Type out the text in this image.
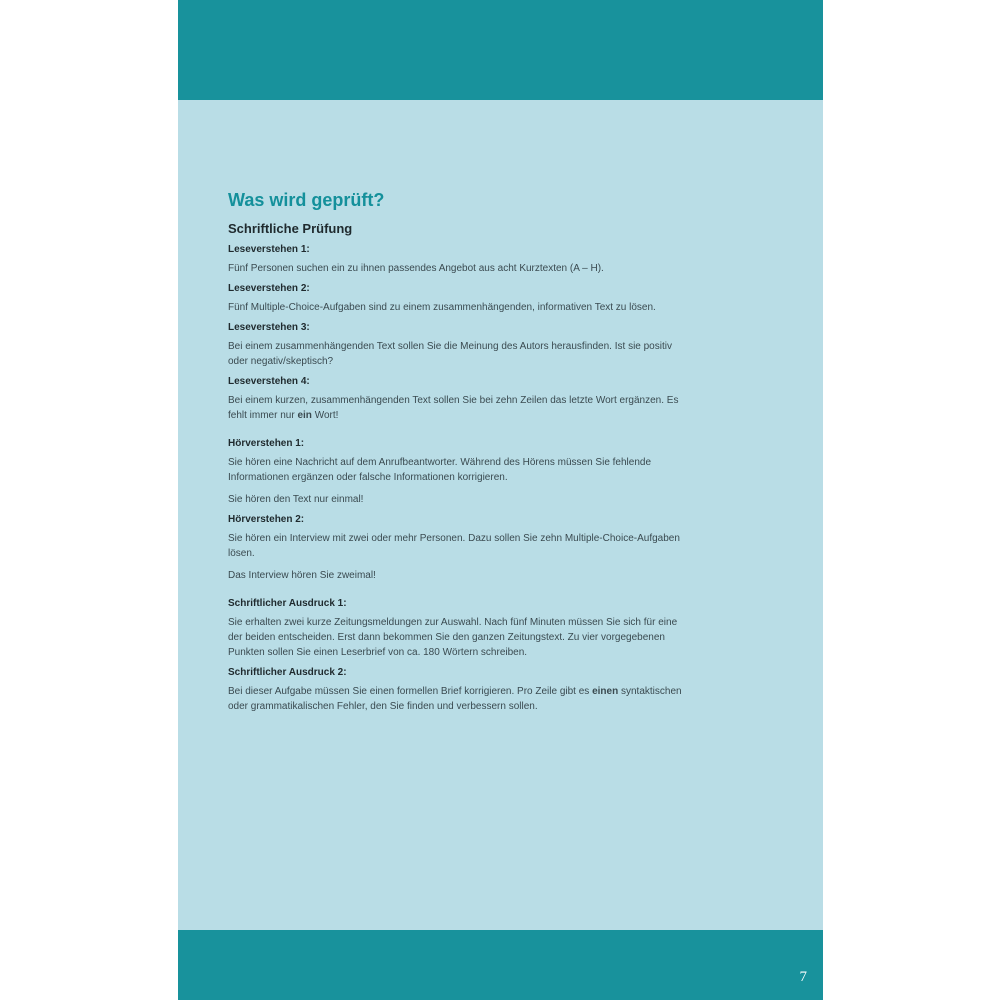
Was wird geprüft?
Schriftliche Prüfung
Leseverstehen 1:

Fünf Personen suchen ein zu ihnen passendes Angebot aus acht Kurztexten (A – H).

Leseverstehen 2:

Fünf Multiple-Choice-Aufgaben sind zu einem zusammenhängenden, informativen Text zu lösen.

Leseverstehen 3:

Bei einem zusammenhängenden Text sollen Sie die Meinung des Autors herausfinden. Ist sie positiv oder negativ/skeptisch?

Leseverstehen 4:

Bei einem kurzen, zusammenhängenden Text sollen Sie bei zehn Zeilen das letzte Wort ergänzen. Es fehlt immer nur ein Wort!

Hörverstehen 1:

Sie hören eine Nachricht auf dem Anrufbeantworter. Während des Hörens müssen Sie fehlende Informationen ergänzen oder falsche Informationen korrigieren.

Sie hören den Text nur einmal!

Hörverstehen 2:

Sie hören ein Interview mit zwei oder mehr Personen. Dazu sollen Sie zehn Multiple-Choice-Aufgaben lösen.

Das Interview hören Sie zweimal!

Schriftlicher Ausdruck 1:

Sie erhalten zwei kurze Zeitungsmeldungen zur Auswahl. Nach fünf Minuten müssen Sie sich für eine der beiden entscheiden. Erst dann bekommen Sie den ganzen Zeitungstext. Zu vier vorgegebenen Punkten sollen Sie einen Leserbrief von ca. 180 Wörtern schreiben.

Schriftlicher Ausdruck 2:

Bei dieser Aufgabe müssen Sie einen formellen Brief korrigieren. Pro Zeile gibt es einen syntaktischen oder grammatikalischen Fehler, den Sie finden und verbessern sollen.

7
